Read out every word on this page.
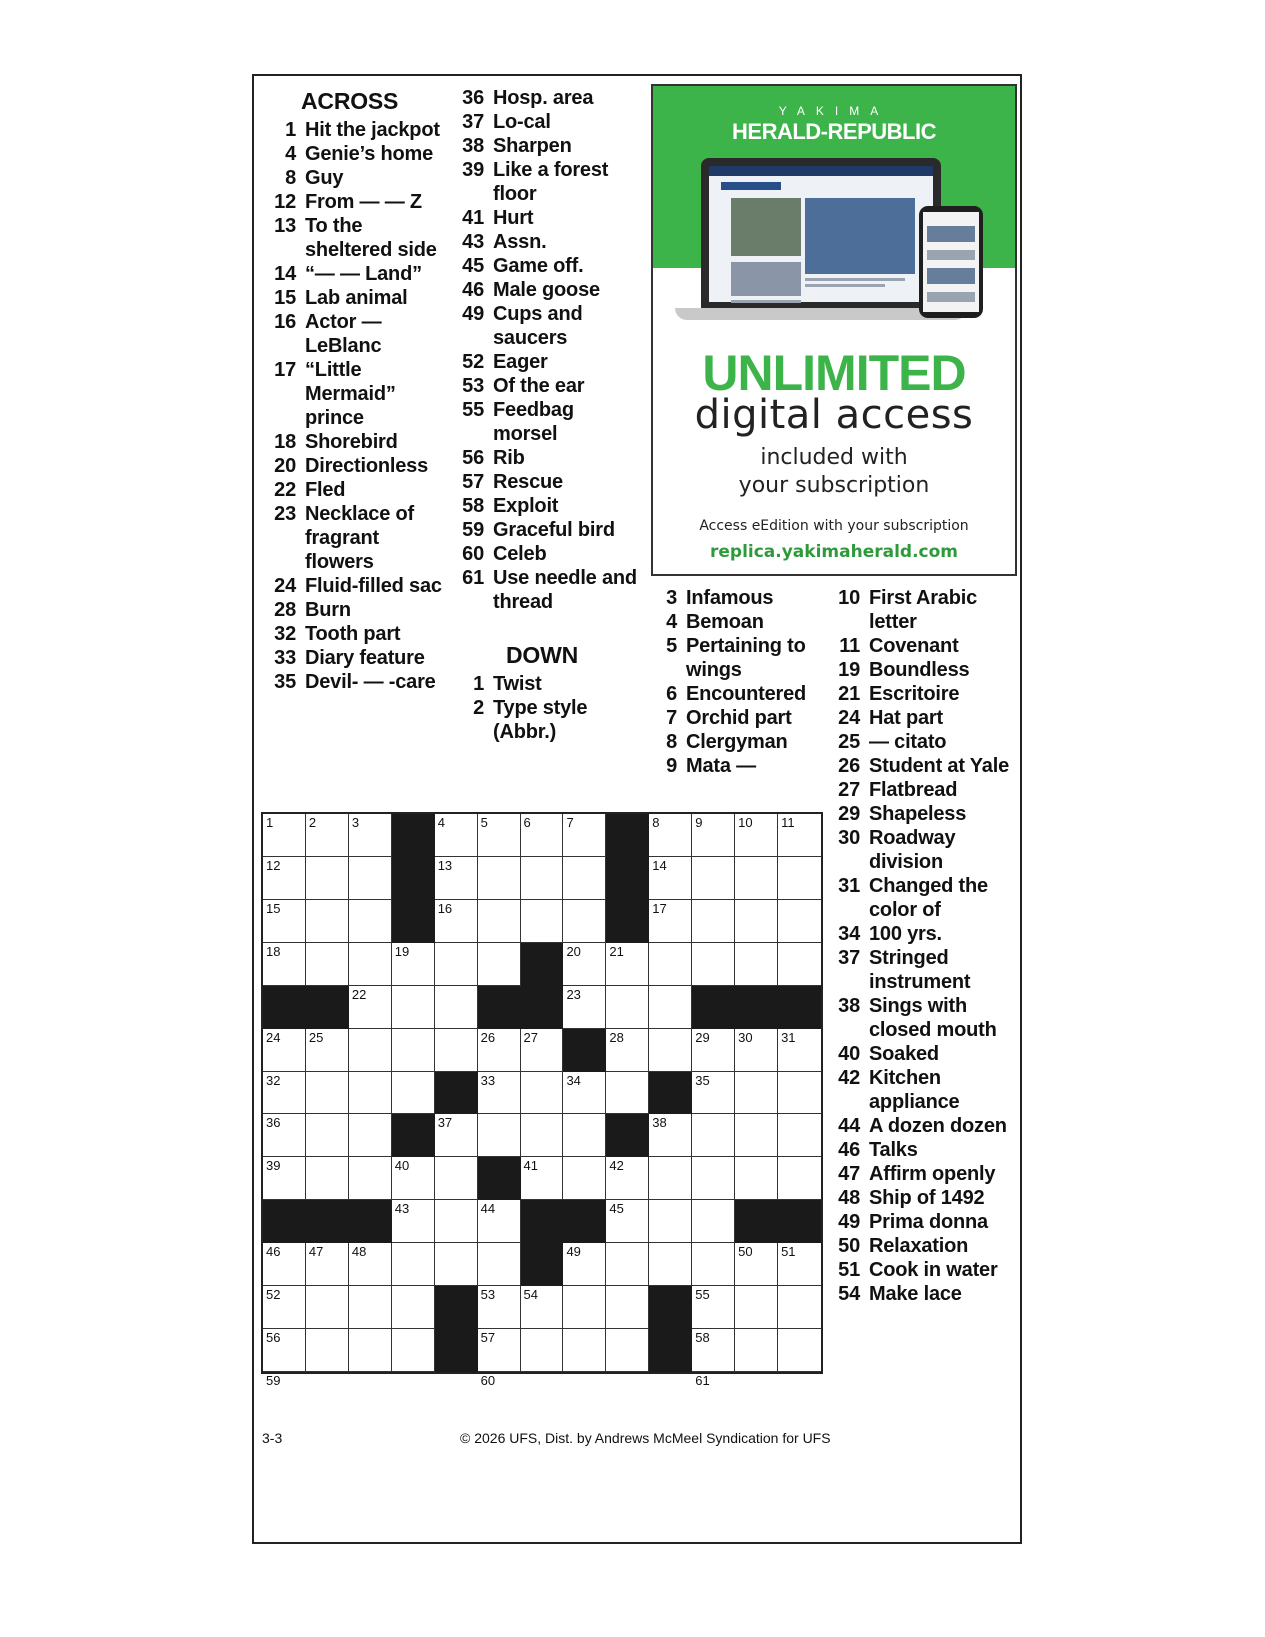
ACROSS
1 Hit the jackpot
4 Genie’s home
8 Guy
12 From — — Z
13 To the sheltered side
14 “— — Land”
15 Lab animal
16 Actor — LeBlanc
17 “Little Mermaid” prince
18 Shorebird
20 Directionless
22 Fled
23 Necklace of fragrant flowers
24 Fluid-filled sac
28 Burn
32 Tooth part
33 Diary feature
35 Devil- — -care
36 Hosp. area
37 Lo-cal
38 Sharpen
39 Like a forest floor
41 Hurt
43 Assn.
45 Game off.
46 Male goose
49 Cups and saucers
52 Eager
53 Of the ear
55 Feedbag morsel
56 Rib
57 Rescue
58 Exploit
59 Graceful bird
60 Celeb
61 Use needle and thread
DOWN
1 Twist
2 Type style (Abbr.)
3 Infamous
4 Bemoan
5 Pertaining to wings
6 Encountered
7 Orchid part
8 Clergyman
9 Mata —
10 First Arabic letter
11 Covenant
19 Boundless
21 Escritoire
24 Hat part
25 — citato
26 Student at Yale
27 Flatbread
29 Shapeless
30 Roadway division
31 Changed the color of
34 100 yrs.
37 Stringed instrument
38 Sings with closed mouth
40 Soaked
42 Kitchen appliance
44 A dozen dozen
46 Talks
47 Affirm openly
48 Ship of 1492
49 Prima donna
50 Relaxation
51 Cook in water
54 Make lace
1	2	3	4	5	6	7	8	9	10 11
12	13	14
15	16	17
18	19	20 21
22	23
24 25	26 27	28	29 30 31
32	33	34	35
36	37	38
39	40	41	42
43	44	45
46 47 48	49	50 51
52	53 54	55
56	57	58
59	60	61
YAKIMA
HERALD-REPUBLIC
UNLIMITED
digital access
included with
your subscription
Access eEdition with your subscription
replica.yakimaherald.com
3-3	© 2026 UFS, Dist. by Andrews McMeel Syndication for UFS
